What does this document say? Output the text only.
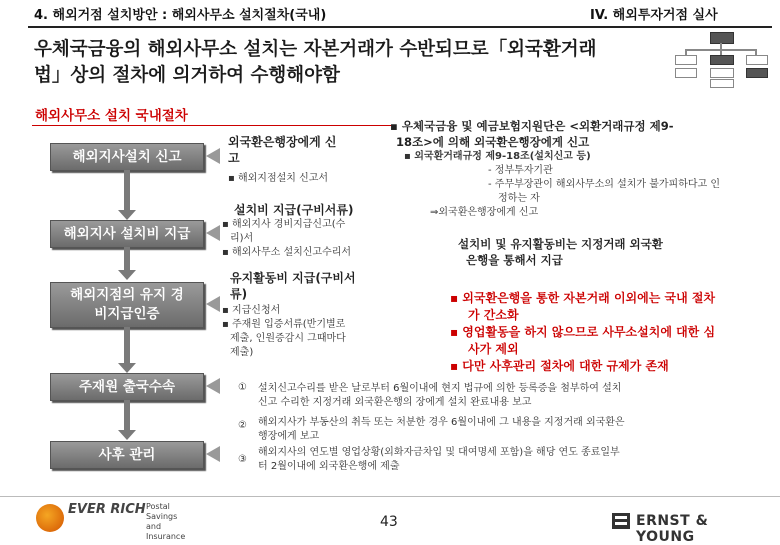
4. 해외거점 설치방안 : 해외사무소 설치절차(국내)	IV. 해외투자거점 실사
우체국금융의 해외사무소 설치는 자본거래가 수반되므로「외국환거래
법」상의 절차에 의거하여 수행해야함
해외사무소 설치 국내절차
해외지사설치 신고
해외지사 설치비 지급
해외지점의 유지 경
비지급인증
주재원 출국수속
사후 관리
외국환은행장에게 신
고
▪ 해외지점설치 신고서
설치비 지급(구비서류)
▪ 해외지사 경비지급신고(수
리)서
▪ 해외사무소 설치신고수리서
유지활동비 지급(구비서
류)
▪ 지급신청서
▪ 주재원 입증서류(반기별로
제출, 인원증감시 그때마다
제출)
▪ 우체국금융 및 예금보험지원단은 <외환거래규정 제9-
18조>에 의해 외국환은행장에게 신고
▪ 외국환거래규정 제9-18조(설치신고 등)
- 정부투자기관
- 주무부장관이 해외사무소의 설치가 불가피하다고 인
정하는 자
⇒외국환은행장에게 신고
설치비 및 유지활동비는 지정거래 외국환
은행을 통해서 지급
▪ 외국환은행을 통한 자본거래 이외에는 국내 절차
가 간소화
▪ 영업활동을 하지 않으므로 사무소설치에 대한 심
사가 제외
▪ 다만 사후관리 절차에 대한 규제가 존재
① 설치신고수리를 받은 날로부터 6월이내에 현지 법규에 의한 등록증을 첨부하여 설치
신고 수리한 지정거래 외국환은행의 장에게 설치 완료내용 보고
② 해외지사가 부동산의 취득 또는 처분한 경우 6월이내에 그 내용을 지정거래 외국환은
행장에게 보고
③
해외지사의 연도별 영업상황(외화자금차입 및 대여명세 포함)을 해당 연도 종료일부
터 2월이내에 외국환은행에 제출
EVER RICH Postal Savings
and Insurance
43	ERNST & YOUNG
